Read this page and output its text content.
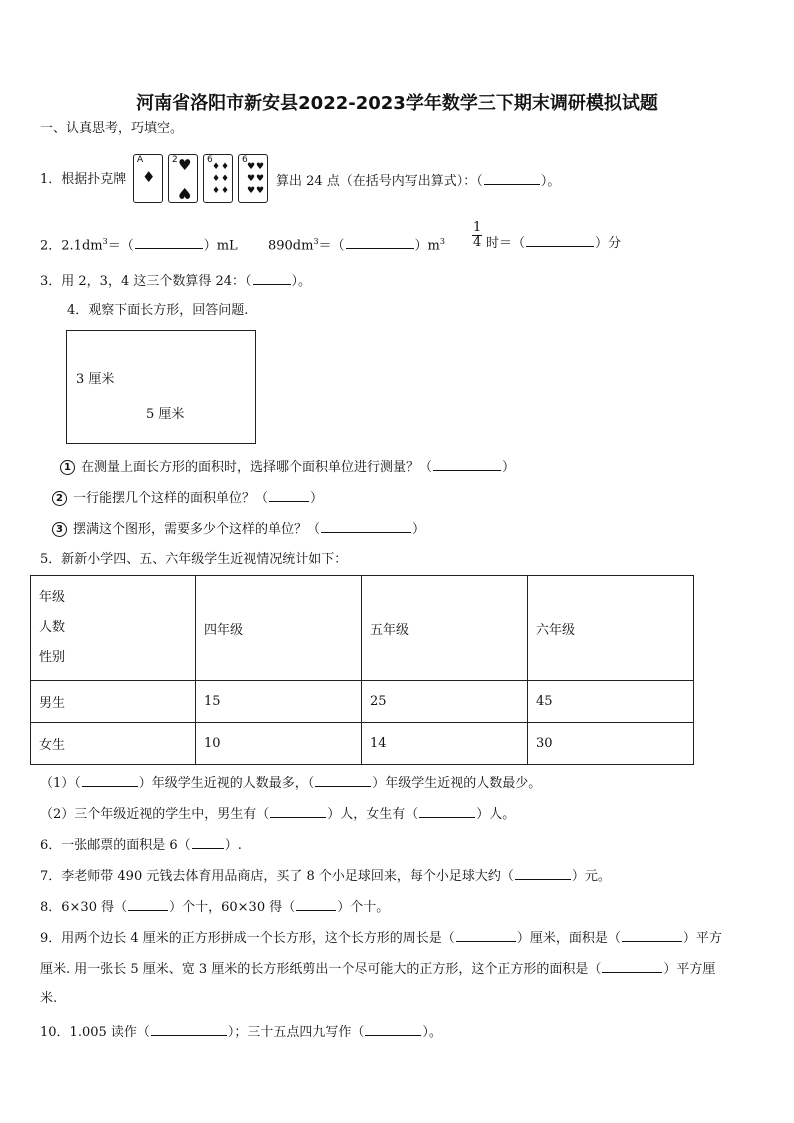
河南省洛阳市新安县2022-2023学年数学三下期末调研模拟试题
一、认真思考，巧填空。
1．根据扑克牌
A
♦
2 ♥
♥
6
♦ ♦
♦ ♦
♦ ♦
6
♥ ♥
♥ ♥
♥ ♥
算出 24 点（在括号内写出算式）：（	）。
2．$2.1dm^3=$（	）mL $890dm^3=$（	）$m^3 \frac{1}{4}$ 时＝（	）分
3．用 2，3，4 这三个数算得 24：（	）。
4．观察下面长方形，回答问题.
3 厘米
5 厘米
1 在测量上面长方形的面积时，选择哪个面积单位进行测量？（	）
2 一行能摆几个这样的面积单位？（	）
3 摆满这个图形，需要多少个这样的单位？（	）
5．新新小学四、五、六年级学生近视情况统计如下：
年级
人数
性别	四年级	五年级	六年级
男生	15	25	45
女生	10	14	30
（1）（	）年级学生近视的人数最多，（	）年级学生近视的人数最少。
（2）三个年级近视的学生中，男生有（	）人，女生有（	）人。
6．一张邮票的面积是 6（	）.
7．李老师带 490 元钱去体育用品商店，买了 8 个小足球回来，每个小足球大约（	）元。
8．6×30 得（	）个十，60×30 得（	）个十。
9．用两个边长 4 厘米的正方形拼成一个长方形，这个长方形的周长是（	）厘米，面积是（	）平方
厘米. 用一张长 5 厘米、宽 3 厘米的长方形纸剪出一个尽可能大的正方形，这个正方形的面积是（	）平方厘
米.
10．1.005 读作（	）；三十五点四九写作（	）。
